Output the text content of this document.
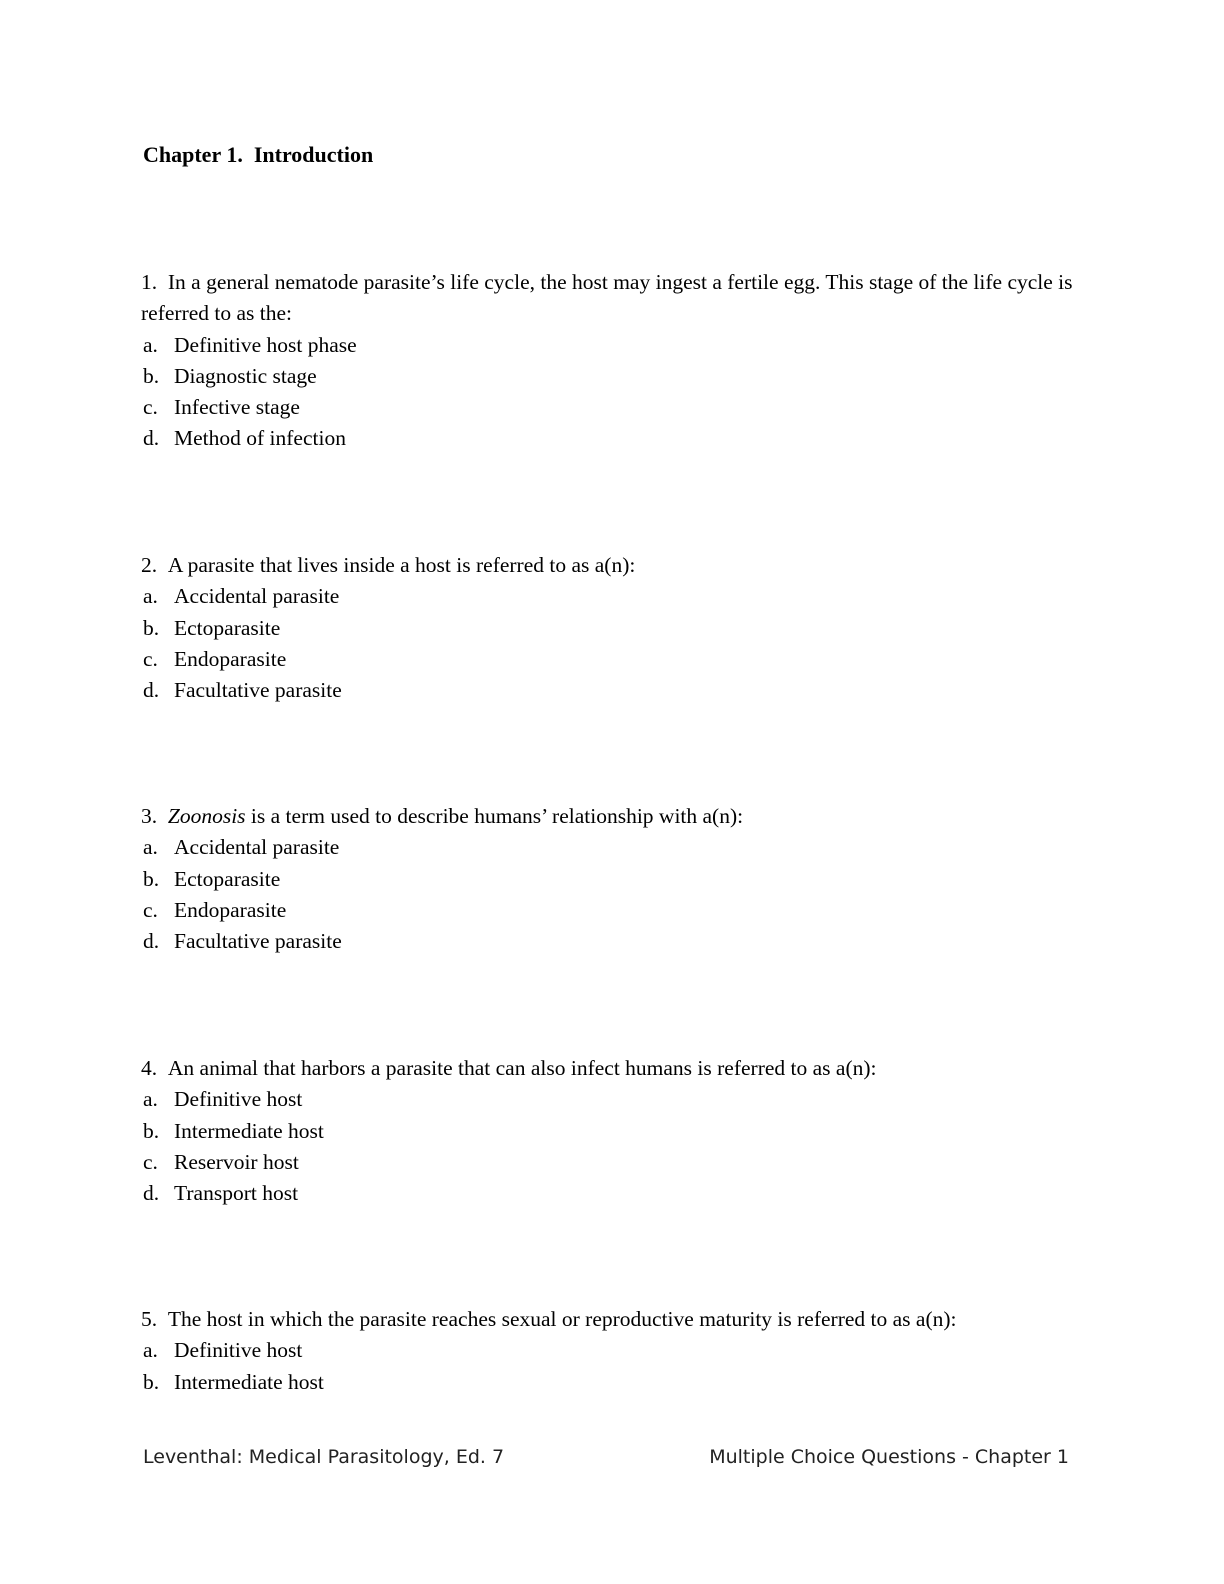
Chapter 1.  Introduction

1. In a general nematode parasite’s life cycle, the host may ingest a fertile egg. This stage of the life cycle is referred to as the:

a. Definitive host phase

b. Diagnostic stage

c. Infective stage

d. Method of infection

2. A parasite that lives inside a host is referred to as a(n):

a. Accidental parasite

b. Ectoparasite

c. Endoparasite

d. Facultative parasite

3. Zoonosis is a term used to describe humans’ relationship with a(n):

a. Accidental parasite

b. Ectoparasite

c. Endoparasite

d. Facultative parasite

4. An animal that harbors a parasite that can also infect humans is referred to as a(n):

a. Definitive host

b. Intermediate host

c. Reservoir host

d. Transport host

5. The host in which the parasite reaches sexual or reproductive maturity is referred to as a(n):

a. Definitive host

b. Intermediate host

Leventhal: Medical Parasitology, Ed. 7	Multiple Choice Questions - Chapter 1
